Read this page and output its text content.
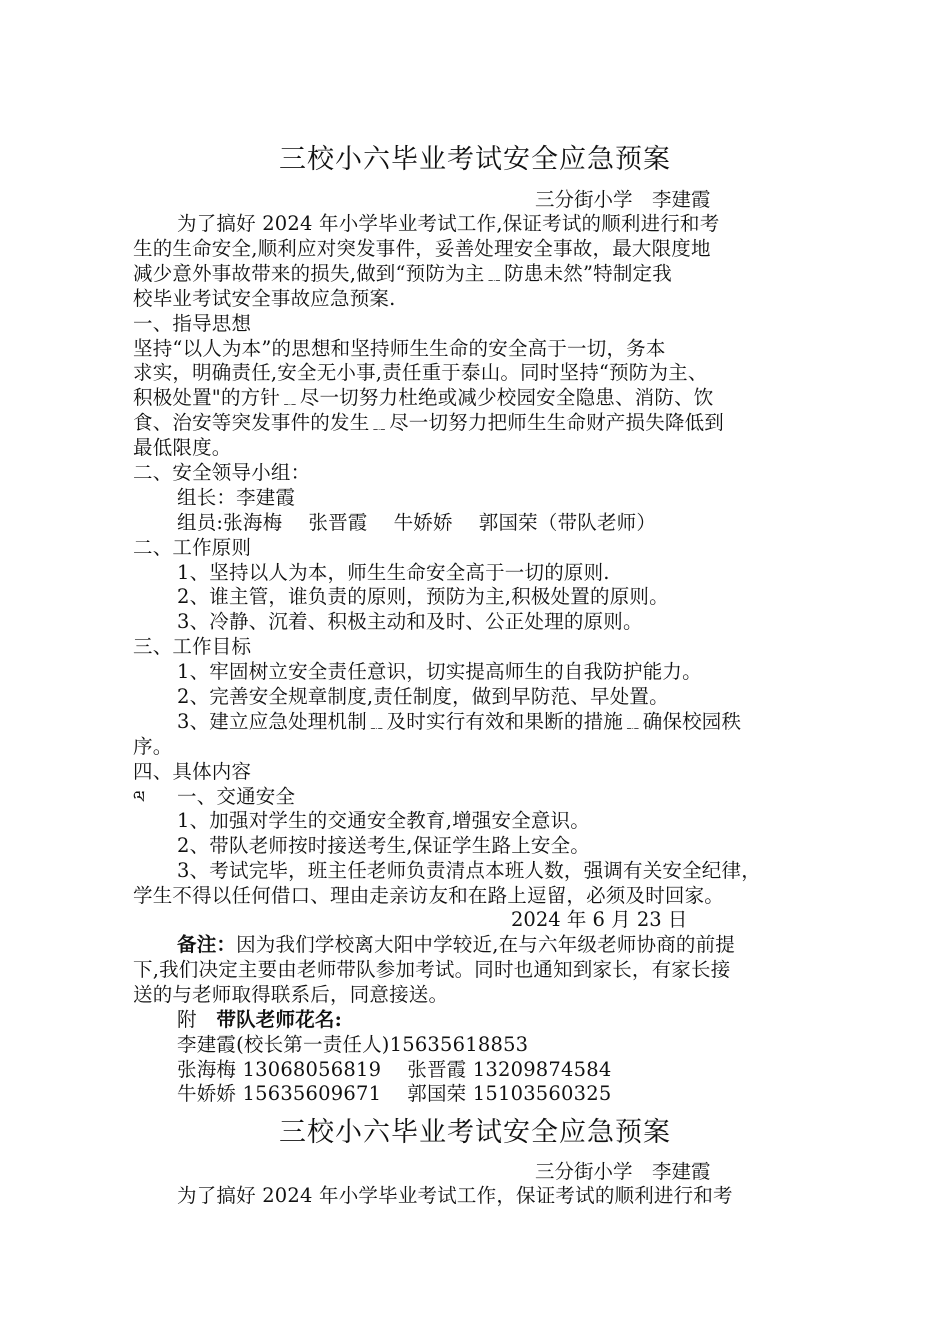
三校小六毕业考试安全应急预案
三分街小学　李建霞
为了搞好 2024 年小学毕业考试工作,保证考试的顺利进行和考
生的生命安全,顺利应对突发事件，妥善处理安全事故，最大限度地
减少意外事故带来的损失,做到“预防为主﹎防患未然”特制定我
校毕业考试安全事故应急预案.
一、指导思想
坚持“以人为本”的思想和坚持师生生命的安全高于一切，务本
求实，明确责任,安全无小事,责任重于泰山。同时坚持“预防为主、
积极处置"的方针﹎尽一切努力杜绝或减少校园安全隐患、消防、饮
食、治安等突发事件的发生﹎尽一切努力把师生生命财产损失降低到
最低限度。
二、安全领导小组：
组长：李建霞
组员:张海梅　 张晋霞　 牛娇娇　 郭国荣（带队老师）
二、工作原则
1、坚持以人为本，师生生命安全高于一切的原则.
2、谁主管，谁负责的原则，预防为主,积极处置的原则。
3、冷静、沉着、积极主动和及时、公正处理的原则。
三、工作目标
1、牢固树立安全责任意识，切实提高师生的自我防护能力。
2、完善安全规章制度,责任制度，做到早防范、早处置。
3、建立应急处理机制﹎及时实行有效和果断的措施﹎确保校园秩
序。
四、具体内容
ལ 一、交通安全
1、加强对学生的交通安全教育,增强安全意识。
2、带队老师按时接送考生,保证学生路上安全。
3、考试完毕，班主任老师负责清点本班人数，强调有关安全纪律，
学生不得以任何借口、理由走亲访友和在路上逗留，必须及时回家。
2024 年 6 月 23 日
备注：因为我们学校离大阳中学较近,在与六年级老师协商的前提
下,我们决定主要由老师带队参加考试。同时也通知到家长，有家长接
送的与老师取得联系后，同意接送。
附　带队老师花名:
李建霞(校长第一责任人)15635618853
张海梅 13068056819　 张晋霞 13209874584
牛娇娇 15635609671　 郭国荣 15103560325
三校小六毕业考试安全应急预案
三分街小学　李建霞
为了搞好 2024 年小学毕业考试工作，保证考试的顺利进行和考
